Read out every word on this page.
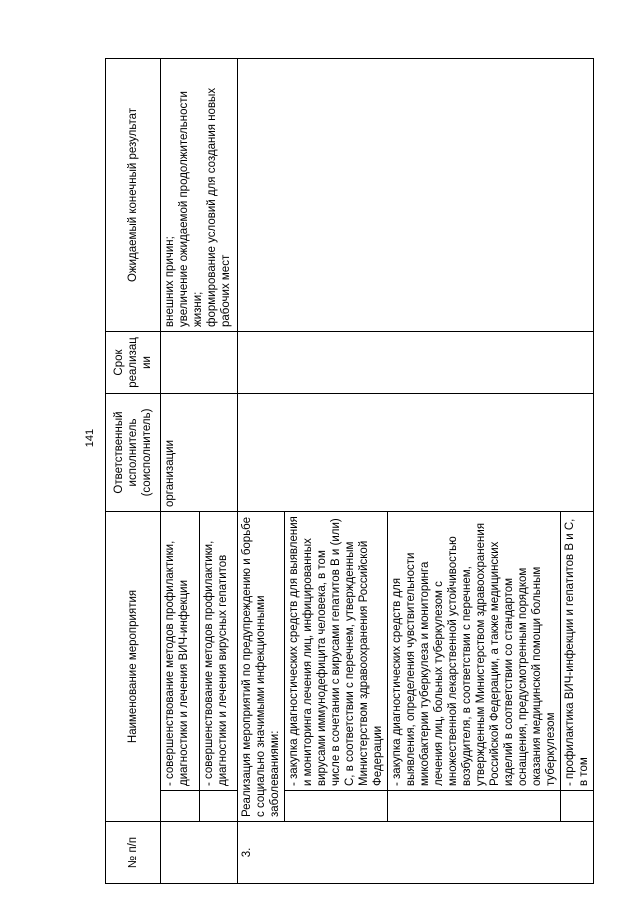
141
№ п/п	Наименование мероприятия		Ответственный исполнитель (соисполнитель)	Срок реализации	Ожидаемый конечный результат
		- совершенствование методов профилактики, диагностики и лечения ВИЧ-инфекции	организации		внешних причин;
увеличение ожидаемой продолжительности жизни;
формирование условий для создания новых рабочих мест
		- совершенствование методов профилактики, диагностики и лечения вирусных гепатитов			
3.	Реализация мероприятий по предупреждению и борьбе с социально значимыми инфекционными заболеваниями:				
		- закупка диагностических средств для выявления и мониторинга лечения лиц, инфицированных вирусами иммунодефицита человека, в том числе в сочетании с вирусами гепатитов B и (или) C, в соответствии с перечнем, утвержденным Министерством здравоохранения Российской Федерации			
		- закупка диагностических средств для выявления, определения чувствительности микобактерии туберкулеза и мониторинга лечения лиц, больных туберкулезом с множественной лекарственной устойчивостью возбудителя, в соответствии с перечнем, утвержденным Министерством здравоохранения Российской Федерации, а также медицинских изделий в соответствии со стандартом оснащения, предусмотренным порядком оказания медицинской помощи больным туберкулезом			
		- профилактика ВИЧ-инфекции и гепатитов B и C, в том			
